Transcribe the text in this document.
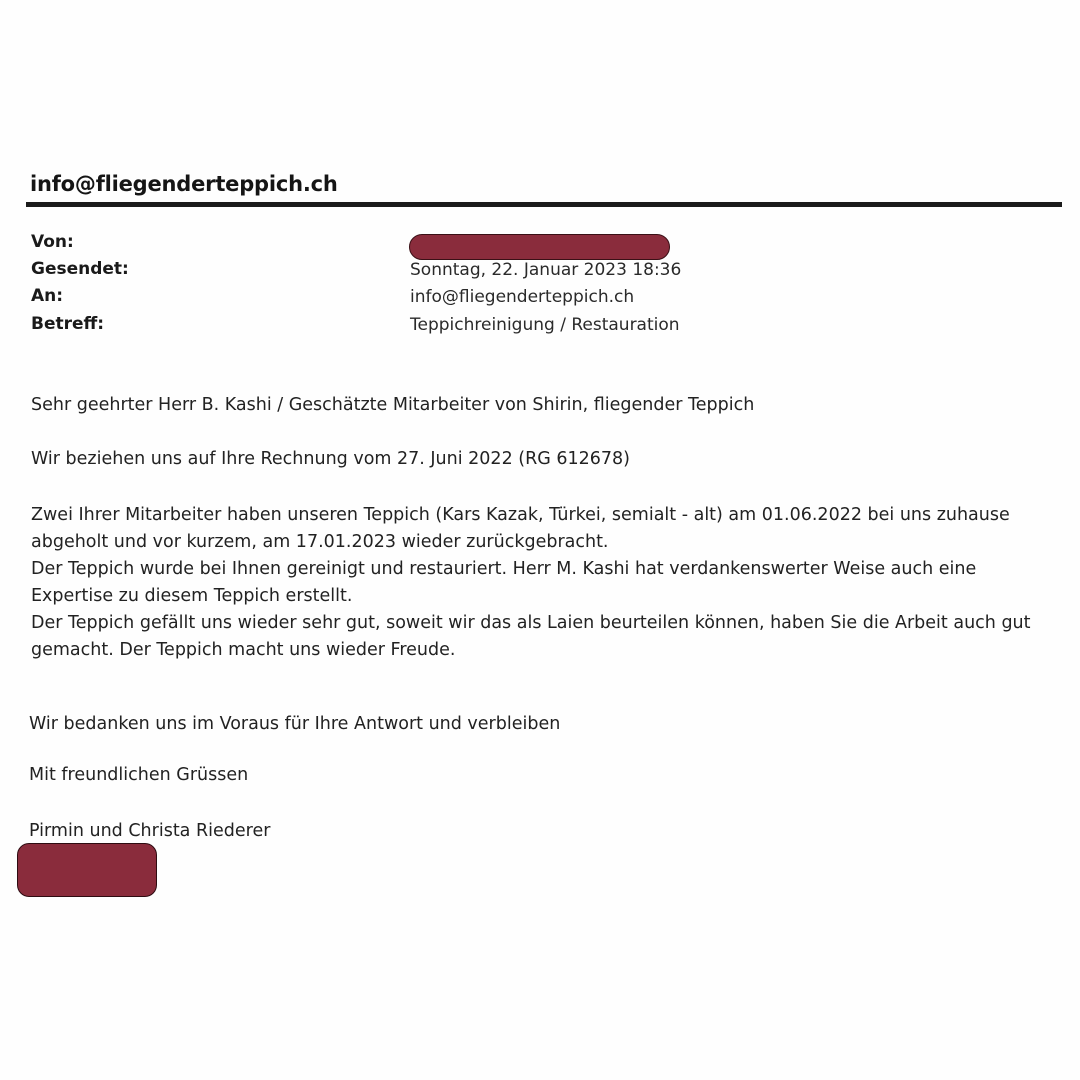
info@fliegenderteppich.ch
Von:
Gesendet:	Sonntag, 22. Januar 2023 18:36
An:	info@fliegenderteppich.ch
Betreff:	Teppichreinigung / Restauration
Sehr geehrter Herr B. Kashi / Geschätzte Mitarbeiter von Shirin, fliegender Teppich
Wir beziehen uns auf Ihre Rechnung vom 27. Juni 2022 (RG 612678)

Zwei Ihrer Mitarbeiter haben unseren Teppich (Kars Kazak, Türkei, semialt - alt) am 01.06.2022 bei uns zuhause

abgeholt und vor kurzem, am 17.01.2023 wieder zurückgebracht.

Der Teppich wurde bei Ihnen gereinigt und restauriert. Herr M. Kashi hat verdankenswerter Weise auch eine

Expertise zu diesem Teppich erstellt.

Der Teppich gefällt uns wieder sehr gut, soweit wir das als Laien beurteilen können, haben Sie die Arbeit auch gut

gemacht. Der Teppich macht uns wieder Freude.

Wir bedanken uns im Voraus für Ihre Antwort und verbleiben
Mit freundlichen Grüssen
Pirmin und Christa Riederer
